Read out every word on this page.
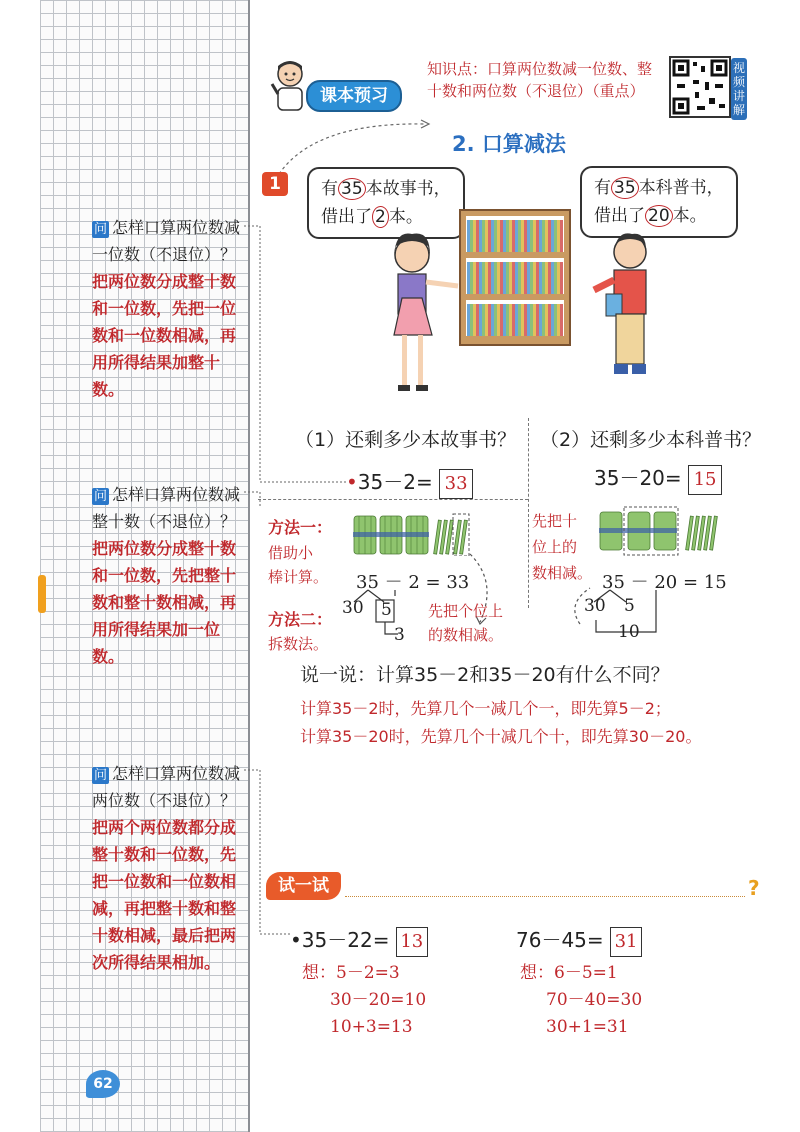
问 怎样口算两位数减一位数（不退位）？
把两位数分成整十数和一位数，先把一位数和一位数相减，再用所得结果加整十数。
问 怎样口算两位数减整十数（不退位）？
把两位数分成整十数和一位数，先把整十数和整十数相减，再用所得结果加一位数。
问 怎样口算两位数减两位数（不退位）？
把两个两位数都分成整十数和一位数，先把一位数和一位数相减，再把整十数和整十数相减，最后把两次所得结果相加。
62
课本预习
知识点：口算两位数减一位数、整十数和两位数（不退位）（重点）
视频讲解
2. 口算减法
1	有 35 本故事书，
借出了 2 本。
有 35 本科普书，
借出了 20 本。
（1）还剩多少本故事书？ （2）还剩多少本科普书？
•35－2= 33	35－20= 15
方法一：
借助小
棒计算。
方法二：
拆数法。
35 － 2 = 33
30 5
3
先把个位上
的数相减。
先把十
位上的
数相减。 35 － 20 = 15
30 5
10
说一说：计算35－2和35－20有什么不同？
计算35－2时，先算几个一减几个一，即先算5－2；
计算35－20时，先算几个十减几个十，即先算30－20。
试一试	?
•35－22= 13	76－45= 31
想：5－2=3
30－20=10
10+3=13
想：6－5=1
70－40=30
30+1=31
